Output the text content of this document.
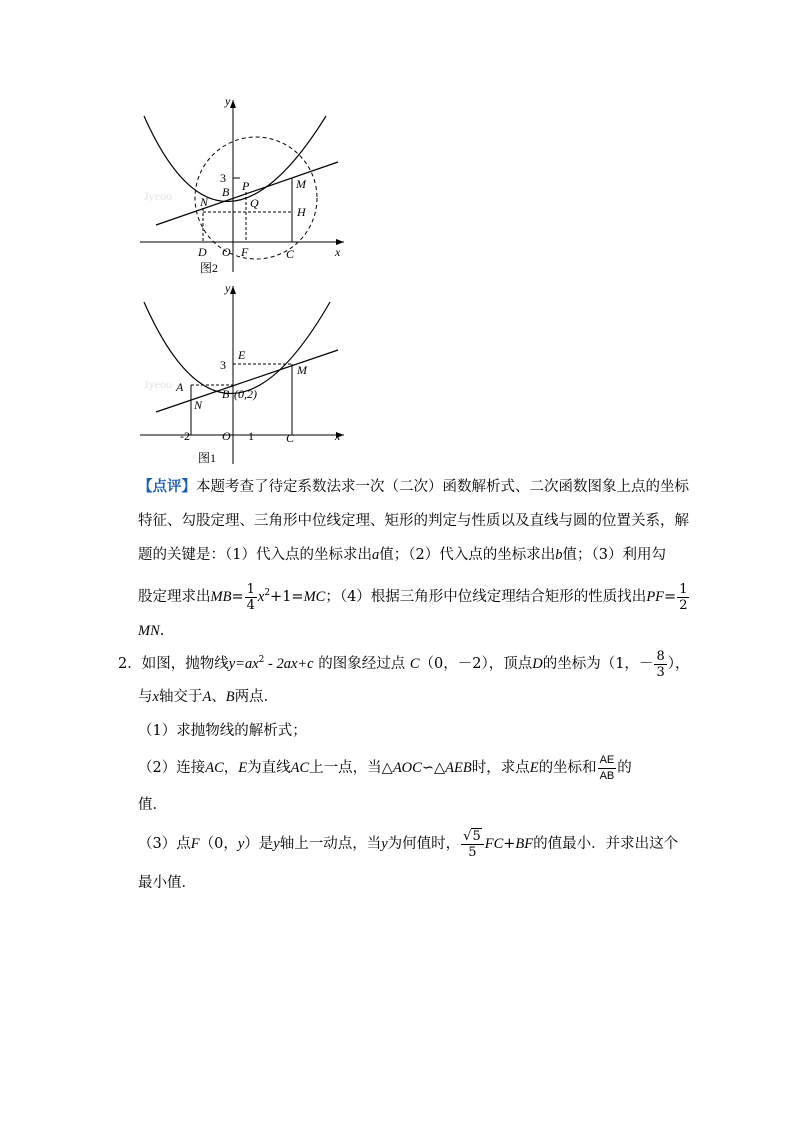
Jyeoo
y
x
3
B P	M
N	Q
H
D O F	C
图2
Jyeoo
y
x
E
3	M
A
N
B (0,2)
-2	O 1	C
图1
【点评】本题考查了待定系数法求一次（二次）函数解析式、二次函数图象上点的坐标
特征、勾股定理、三角形中位线定理、矩形的判定与性质以及直线与圆的位置关系，解
题的关键是：（1）代入点的坐标求出a值；（2）代入点的坐标求出b值；（3）利用勾
股定理求出$MB= \frac{1}{4} x^2+1=MC$；（4）根据三角形中位线定理结合矩形的性质找出$PF= \frac{1}{2}$
MN.
2．如图，抛物线$y=ax^2 - 2ax+c$ 的图象经过点 C（0，－2），顶点D的坐标为（1，－ $\frac{8}{3}$ ），
与x轴交于A、B两点．
（1）求抛物线的解析式；
（2）连接AC，E为直线AC上一点，当△AOC∽△AEB时，求点E的坐标和 $\frac{AE}{AB}$ 的
值．
（3）点F（0，y）是y轴上一动点，当y为何值时， $\frac{√5}{5} FC+BF$的值最小．并求出这个
最小值．
